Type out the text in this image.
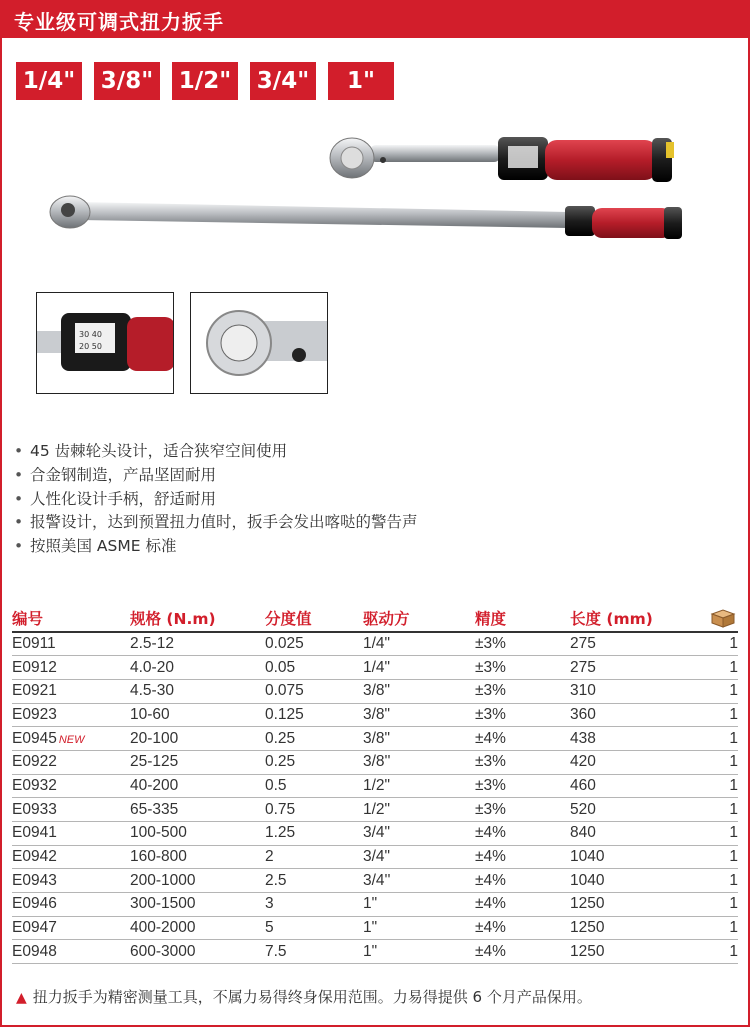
专业级可调式扭力扳手
1/4" 3/8" 1/2" 3/4"	1"
30 40
20 50
• 45 齿棘轮头设计，适合狭窄空间使用
• 合金钢制造，产品坚固耐用
• 人性化设计手柄，舒适耐用
• 报警设计，达到预置扭力值时，扳手会发出喀哒的警告声
• 按照美国 ASME 标准
编号	规格 (N.m)	分度值	驱动方	精度	长度 (mm)	
E0911	2.5-12	0.025	1/4"	±3%	275	1
E0912	4.0-20	0.05	1/4"	±3%	275	1
E0921	4.5-30	0.075	3/8"	±3%	310	1
E0923	10-60	0.125	3/8"	±3%	360	1
E0945 NEW	20-100	0.25	3/8"	±4%	438	1
E0922	25-125	0.25	3/8''	±3%	420	1
E0932	40-200	0.5	1/2"	±3%	460	1
E0933	65-335	0.75	1/2"	±3%	520	1
E0941	100-500	1.25	3/4"	±4%	840	1
E0942	160-800	2	3/4"	±4%	1040	1
E0943	200-1000	2.5	3/4''	±4%	1040	1
E0946	300-1500	3	1"	±4%	1250	1
E0947	400-2000	5	1"	±4%	1250	1
E0948	600-3000	7.5	1"	±4%	1250	1
▲ 扭力扳手为精密测量工具，不属力易得终身保用范围。力易得提供 6 个月产品保用。
